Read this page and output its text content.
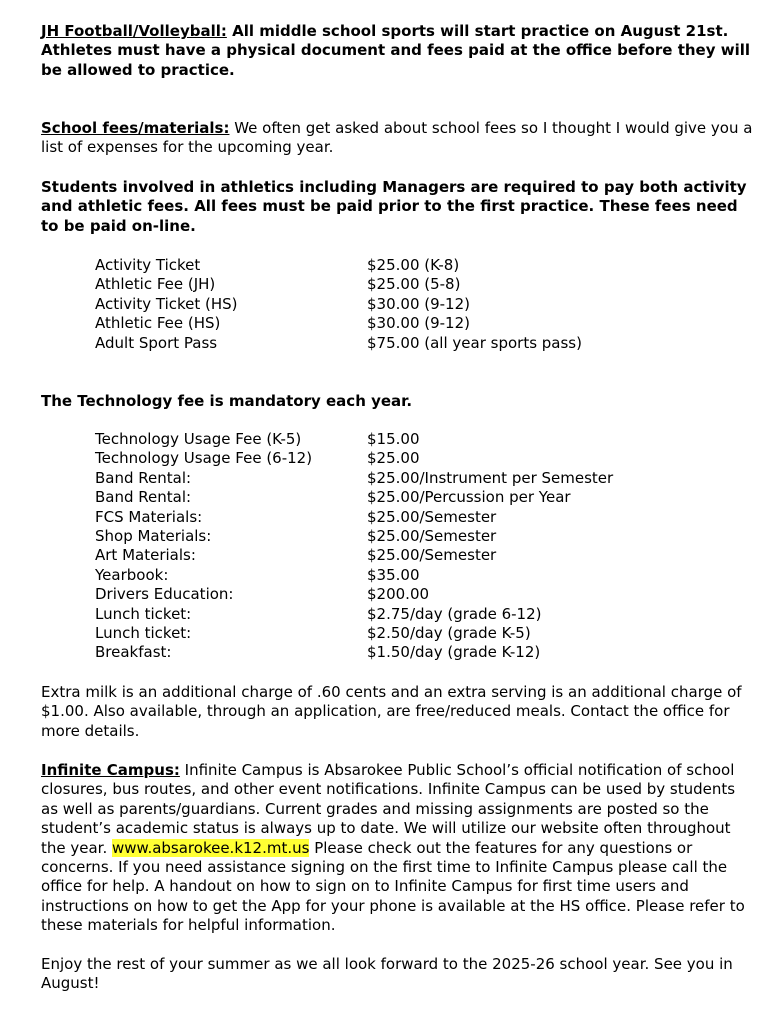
JH Football/Volleyball: All middle school sports will start practice on August 21st. Athletes must have a physical document and fees paid at the office before they will be allowed to practice.

School fees/materials: We often get asked about school fees so I thought I would give you a list of expenses for the upcoming year.

Students involved in athletics including Managers are required to pay both activity and athletic fees. All fees must be paid prior to the first practice. These fees need to be paid on-line.

Activity Ticket	$25.00 (K-8)
Athletic Fee (JH)	$25.00 (5-8)
Activity Ticket (HS)	$30.00 (9-12)
Athletic Fee (HS)	$30.00 (9-12)
Adult Sport Pass	$75.00 (all year sports pass)

The Technology fee is mandatory each year.

Technology Usage Fee (K-5)	$15.00
Technology Usage Fee (6-12)	$25.00
Band Rental:	$25.00/Instrument per Semester
Band Rental:	$25.00/Percussion per Year
FCS Materials:	$25.00/Semester
Shop Materials:	$25.00/Semester
Art Materials:	$25.00/Semester
Yearbook:	$35.00
Drivers Education:	$200.00
Lunch ticket:	$2.75/day (grade 6-12)
Lunch ticket:	$2.50/day (grade K-5)
Breakfast:	$1.50/day (grade K-12)

Extra milk is an additional charge of .60 cents and an extra serving is an additional charge of $1.00. Also available, through an application, are free/reduced meals. Contact the office for more details.

Infinite Campus: Infinite Campus is Absarokee Public School’s official notification of school closures, bus routes, and other event notifications. Infinite Campus can be used by students as well as parents/guardians. Current grades and missing assignments are posted so the student’s academic status is always up to date. We will utilize our website often throughout the year. www.absarokee.k12.mt.us Please check out the features for any questions or concerns. If you need assistance signing on the first time to Infinite Campus please call the office for help. A handout on how to sign on to Infinite Campus for first time users and instructions on how to get the App for your phone is available at the HS office. Please refer to these materials for helpful information.

Enjoy the rest of your summer as we all look forward to the 2025-26 school year. See you in August!
